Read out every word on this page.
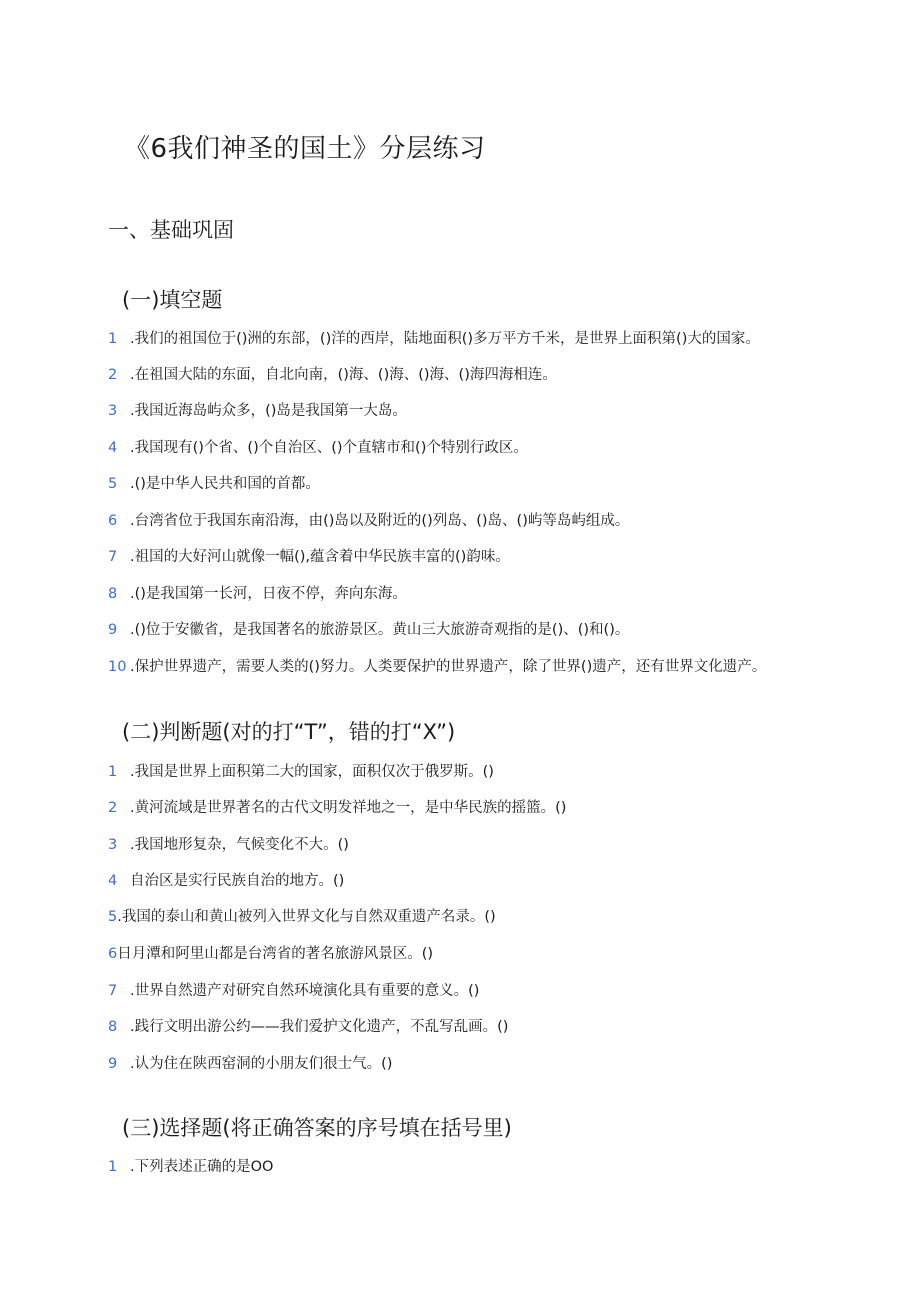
《6我们神圣的国土》分层练习
一、基础巩固
(一)填空题
1 .我们的祖国位于()洲的东部，()洋的西岸，陆地面积()多万平方千米，是世界上面积第()大的国家。
2 .在祖国大陆的东面，自北向南，()海、()海、()海、()海四海相连。
3 .我国近海岛屿众多，()岛是我国第一大岛。
4 .我国现有()个省、()个自治区、()个直辖市和()个特别行政区。
5 .()是中华人民共和国的首都。
6 .台湾省位于我国东南沿海，由()岛以及附近的()列岛、()岛、()屿等岛屿组成。
7 .祖国的大好河山就像一幅(),蕴含着中华民族丰富的()韵味。
8 .()是我国第一长河，日夜不停，奔向东海。
9 .()位于安徽省，是我国著名的旅游景区。黄山三大旅游奇观指的是()、()和()。
10 .保护世界遗产，需要人类的()努力。人类要保护的世界遗产，除了世界()遗产，还有世界文化遗产。
(二)判断题(对的打“T”，错的打“X”)
1 .我国是世界上面积第二大的国家，面积仅次于俄罗斯。()
2 .黄河流域是世界著名的古代文明发祥地之一，是中华民族的摇篮。()
3 .我国地形复杂，气候变化不大。()
4 自治区是实行民族自治的地方。()
5.我国的泰山和黄山被列入世界文化与自然双重遗产名录。()
6日月潭和阿里山都是台湾省的著名旅游风景区。()
7 .世界自然遗产对研究自然环境演化具有重要的意义。()
8 .践行文明出游公约——我们爱护文化遗产，不乱写乱画。()
9 .认为住在陕西窑洞的小朋友们很士气。()
(三)选择题(将正确答案的序号填在括号里)
1 .下列表述正确的是OO
